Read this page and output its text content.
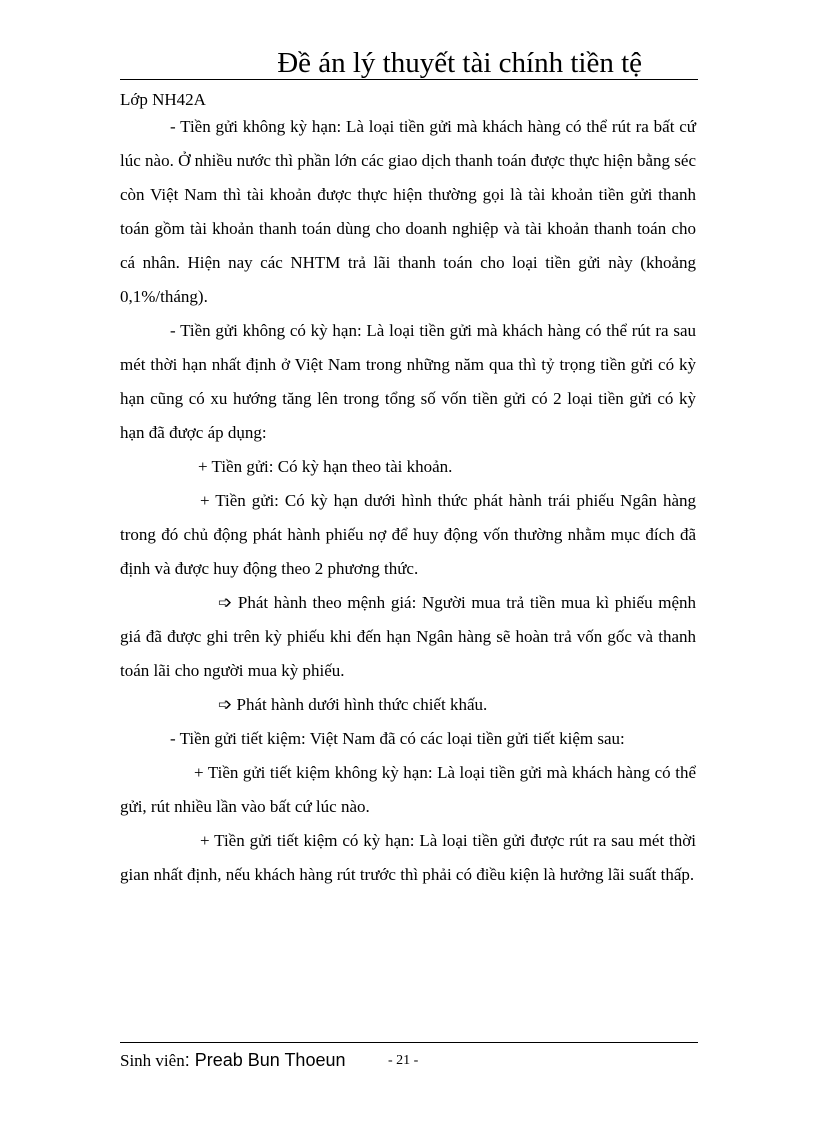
Đề án lý thuyết tài chính tiền tệ
Lớp NH42A

- Tiền gửi không kỳ hạn: Là loại tiền gửi mà khách hàng có thể rút ra bất cứ lúc nào. Ở nhiều nước thì phần lớn các giao dịch thanh toán được thực hiện bằng séc còn Việt Nam thì tài khoản được thực hiện thường gọi là tài khoản tiền gửi thanh toán gồm tài khoản thanh toán dùng cho doanh nghiệp và tài khoản thanh toán cho cá nhân. Hiện nay các NHTM trả lãi thanh toán cho loại tiền gửi này (khoảng 0,1%/tháng).

- Tiền gửi không có kỳ hạn: Là loại tiền gửi mà khách hàng có thể rút ra sau mét thời hạn nhất định ở Việt Nam trong những năm qua thì tỷ trọng tiền gửi có kỳ hạn cũng có xu hướng tăng lên trong tổng số vốn tiền gửi có 2 loại tiền gửi có kỳ hạn đã được áp dụng:

+ Tiền gửi: Có kỳ hạn theo tài khoản.

+ Tiền gửi: Có kỳ hạn dưới hình thức phát hành trái phiếu Ngân hàng trong đó chủ động phát hành phiếu nợ để huy động vốn thường nhằm mục đích đã định và được huy động theo 2 phương thức.

➩ Phát hành theo mệnh giá: Người mua trả tiền mua kì phiếu mệnh giá đã được ghi trên kỳ phiếu khi đến hạn Ngân hàng sẽ hoàn trả vốn gốc và thanh toán lãi cho người mua kỳ phiếu.

➩ Phát hành dưới hình thức chiết khấu.

- Tiền gửi tiết kiệm: Việt Nam đã có các loại tiền gửi tiết kiệm sau:

+ Tiền gửi tiết kiệm không kỳ hạn: Là loại tiền gửi mà khách hàng có thể gửi, rút nhiều lần vào bất cứ lúc nào.

+ Tiền gửi tiết kiệm có kỳ hạn: Là loại tiền gửi được rút ra sau mét thời gian nhất định, nếu khách hàng rút trước thì phải có điều kiện là hưởng lãi suất thấp.

Sinh viên: Preab Bun Thoeun	- 21 -
